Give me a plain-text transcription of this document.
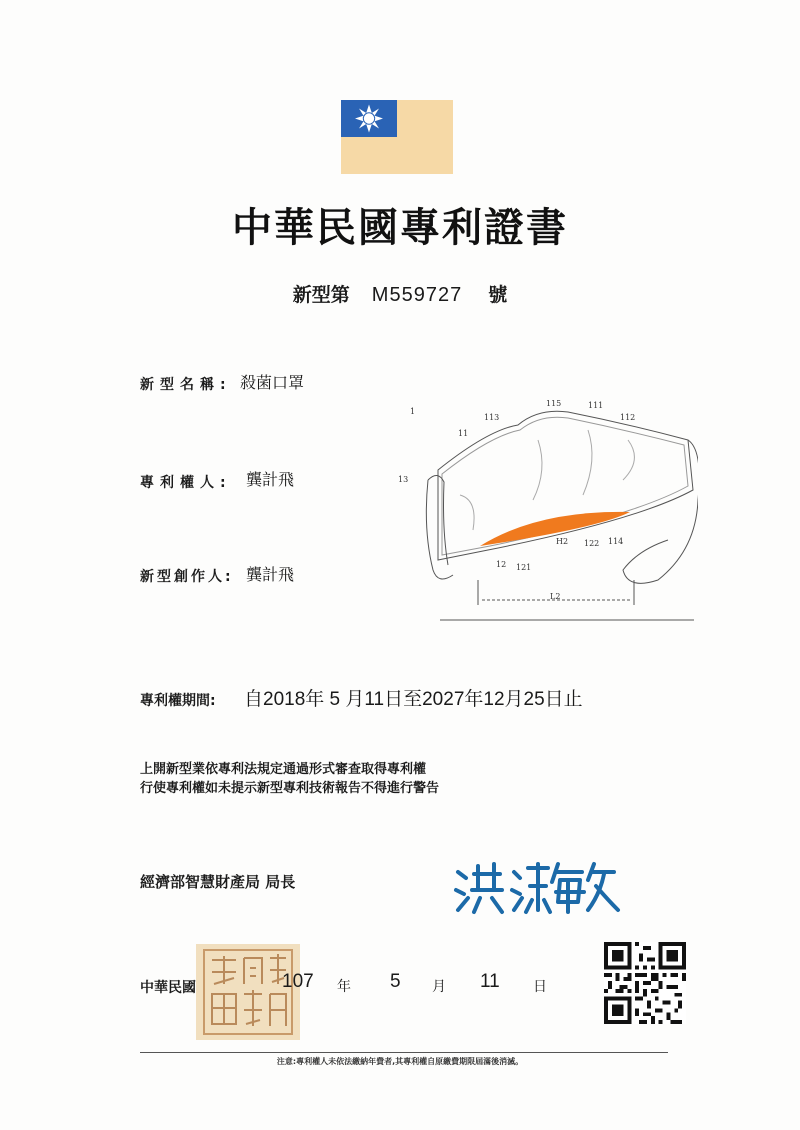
中華民國專利證書
新型第 M559727 號
新型名稱: 殺菌口罩
專利權人: 龔計飛
新型創作人: 龔計飛
1
11
113
115	111
112
13
H2 122 114
12 121
L2
專利權期間: 自2018年 5 月11日至2027年12月25日止
上開新型業依專利法規定通過形式審查取得專利權
行使專利權如未提示新型專利技術報告不得進行警告
經濟部智慧財產局 局長
中華民國	107 年 5 月 11 日
注意:專利權人未依法繳納年費者,其專利權自原繳費期限屆滿後消滅。
